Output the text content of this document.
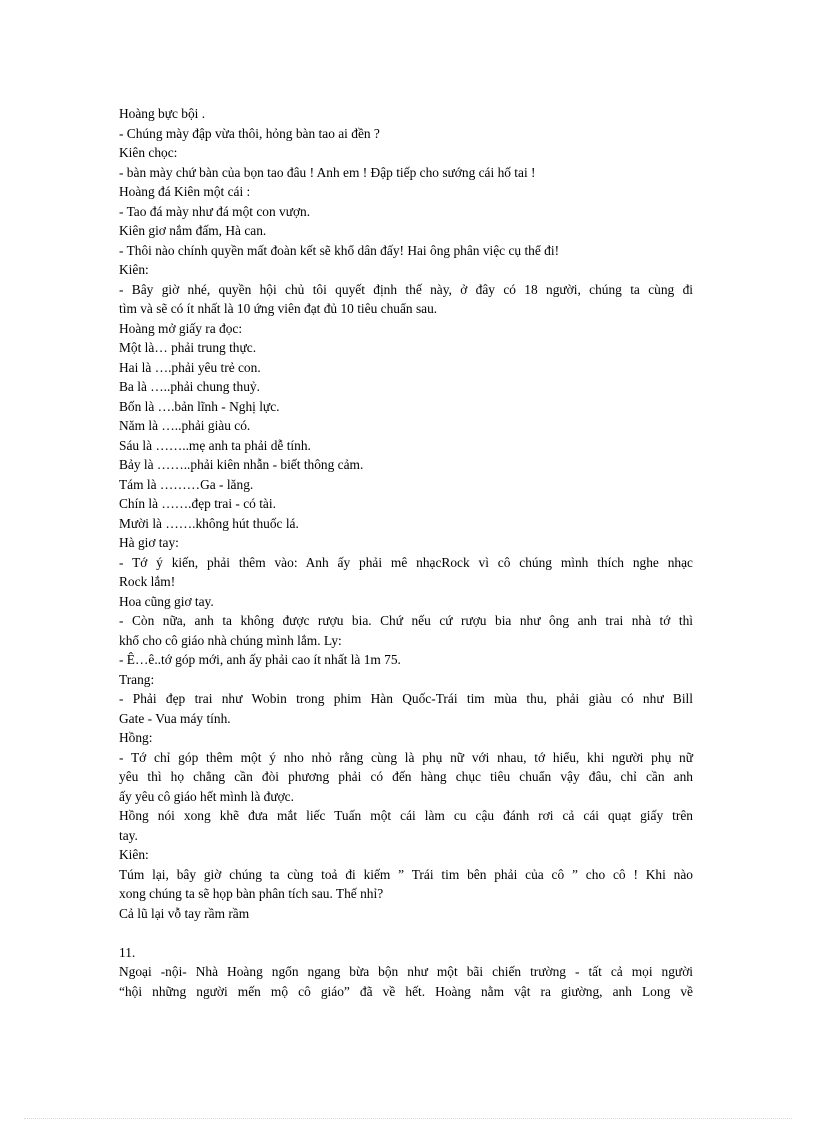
Hoàng bực bội .
- Chúng mày đập vừa thôi, hỏng bàn tao ai đền ?
Kiên chọc:
- bàn mày chứ bàn của bọn tao đâu ! Anh em ! Đập tiếp cho sướng cái hố tai !
Hoàng đá Kiên một cái :
- Tao đá mày như đá một con vượn.
Kiên giơ nắm đấm, Hà can.
- Thôi nào chính quyền mất đoàn kết sẽ khổ dân đấy! Hai ông phân việc cụ thể đi!
Kiên:
- Bây giờ nhé, quyền hội chủ tôi quyết định thế này, ở đây có 18 người, chúng ta cùng đi
tìm và sẽ có ít nhất là 10 ứng viên đạt đủ 10 tiêu chuẩn sau.
Hoàng mở giấy ra đọc:
Một là… phải trung thực.
Hai là ….phải yêu trẻ con.
Ba là …..phải chung thuỷ.
Bốn là ….bản lĩnh - Nghị lực.
Năm là …..phải giàu có.
Sáu là ……..mẹ anh ta phải dễ tính.
Bảy là ……..phải kiên nhẫn - biết thông cảm.
Tám là ………Ga - lăng.
Chín là …….đẹp trai - có tài.
Mười là …….không hút thuốc lá.
Hà giơ tay:
- Tớ ý kiến, phải thêm vào: Anh ấy phải mê nhạcRock vì cô chúng mình thích nghe nhạc
Rock lắm!
Hoa cũng giơ tay.
- Còn nữa, anh ta không được rượu bia. Chứ nếu cứ rượu bia như ông anh trai nhà tớ thì
khổ cho cô giáo nhà chúng mình lắm. Ly:
- Ê…ê..tớ góp mới, anh ấy phải cao ít nhất là 1m 75.
Trang:
- Phải đẹp trai như Wobin trong phim Hàn Quốc-Trái tim mùa thu, phải giàu có như Bill
Gate - Vua máy tính.
Hồng:
- Tớ chỉ góp thêm một ý nho nhỏ rằng cùng là phụ nữ với nhau, tớ hiểu, khi người phụ nữ
yêu thì họ chẳng cần đòi phương phải có đến hàng chục tiêu chuẩn vậy đâu, chỉ cần anh
ấy yêu cô giáo hết mình là được.
Hồng nói xong khẽ đưa mắt liếc Tuấn một cái làm cu cậu đánh rơi cả cái quạt giấy trên
tay.
Kiên:
Túm lại, bây giờ chúng ta cùng toả đi kiếm ” Trái tim bên phải của cô ” cho cô ! Khi nào
xong chúng ta sẽ họp bàn phân tích sau. Thế nhỉ?
Cả lũ lại vỗ tay rầm rầm
11.
Ngoại -nội- Nhà Hoàng ngổn ngang bừa bộn như một bãi chiến trường - tất cả mọi người
“hội những người mến mộ cô giáo” đã về hết. Hoàng nằm vật ra giường, anh Long về
